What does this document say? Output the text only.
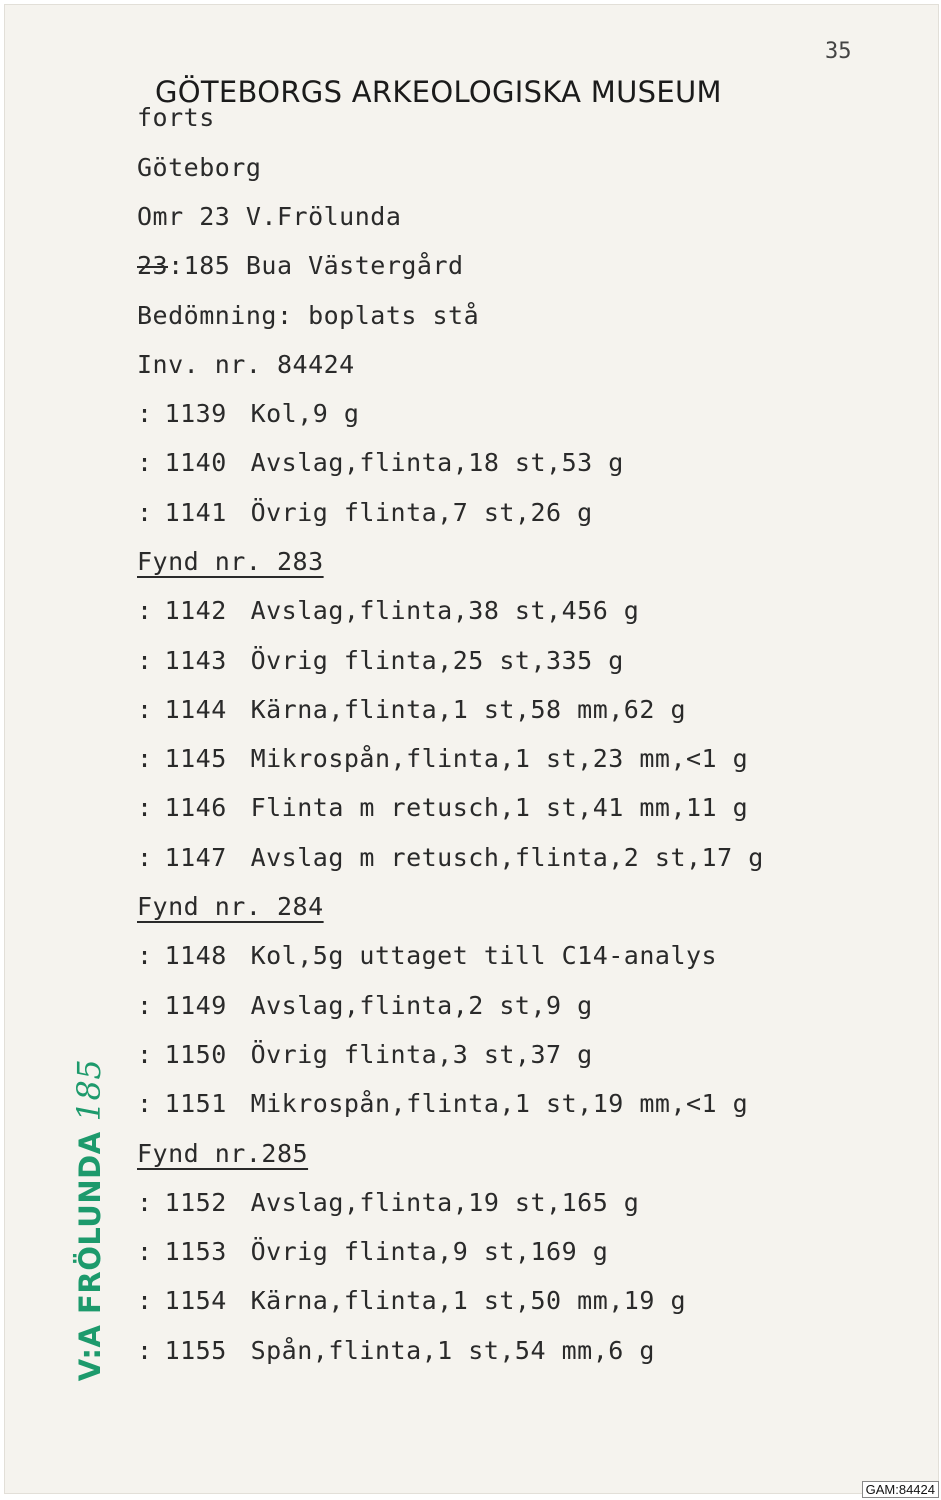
35
GÖTEBORGS ARKEOLOGISKA MUSEUM
forts
Göteborg
Omr 23 V.Frölunda
23:185 Bua Västergård
Bedömning: boplats stå
Inv. nr. 84424
: 1139 Kol,9 g
: 1140 Avslag,flinta,18 st,53 g
: 1141 Övrig flinta,7 st,26 g
Fynd nr. 283
: 1142 Avslag,flinta,38 st,456 g
: 1143 Övrig flinta,25 st,335 g
: 1144 Kärna,flinta,1 st,58 mm,62 g
: 1145 Mikrospån,flinta,1 st,23 mm,<1 g
: 1146 Flinta m retusch,1 st,41 mm,11 g
: 1147 Avslag m retusch,flinta,2 st,17 g
Fynd nr. 284
: 1148 Kol,5g uttaget till C14-analys
: 1149 Avslag,flinta,2 st,9 g
: 1150 Övrig flinta,3 st,37 g
: 1151 Mikrospån,flinta,1 st,19 mm,<1 g
Fynd nr.285
: 1152 Avslag,flinta,19 st,165 g
: 1153 Övrig flinta,9 st,169 g
: 1154 Kärna,flinta,1 st,50 mm,19 g
: 1155 Spån,flinta,1 st,54 mm,6 g
V:A FRÖLUNDA185
GAM:84424
